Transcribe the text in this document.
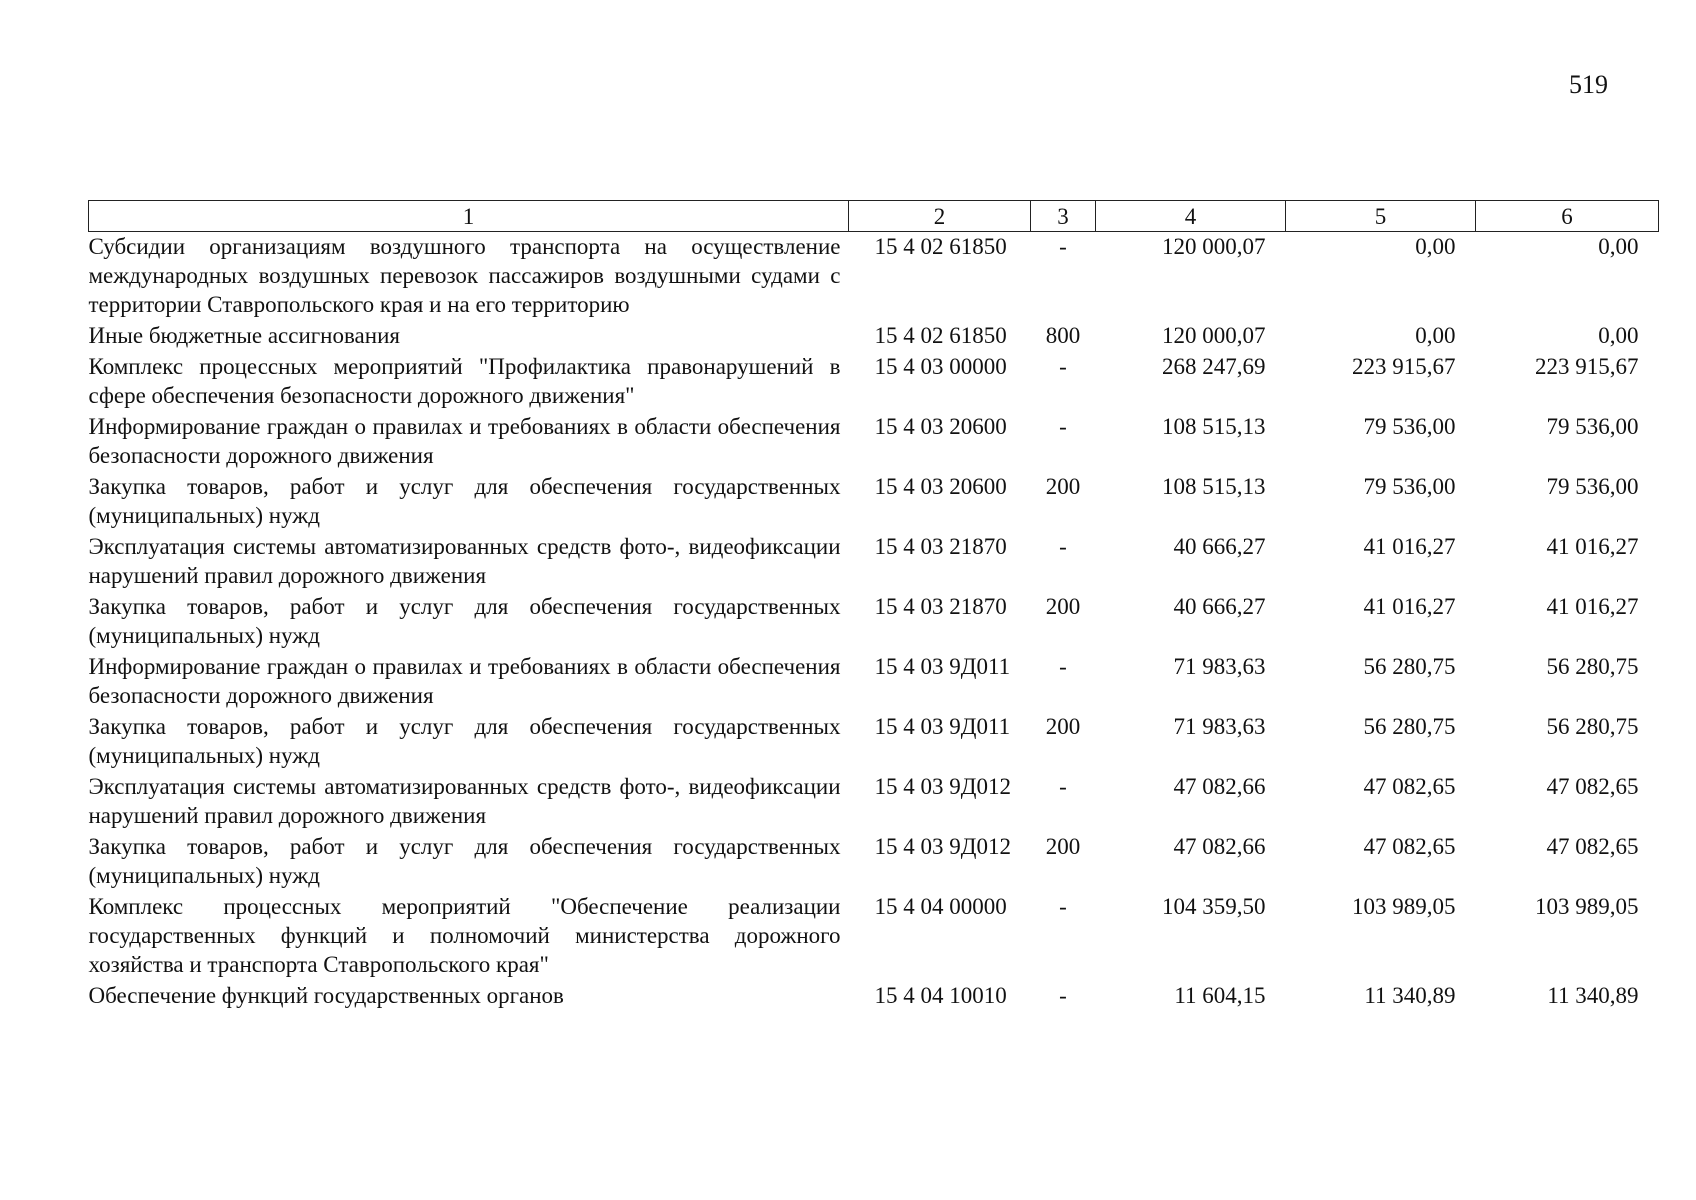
519
1	2	3	4	5	6
Субсидии организациям воздушного транспорта на осуществление международных воздушных перевозок пассажиров воздушными судами с территории Ставропольского края и на его территорию	15 4 02 61850	-	120 000,07	0,00	0,00
Иные бюджетные ассигнования	15 4 02 61850	800	120 000,07	0,00	0,00
Комплекс процессных мероприятий "Профилактика правонарушений в сфере обеспечения безопасности дорожного движения"	15 4 03 00000	-	268 247,69	223 915,67	223 915,67
Информирование граждан о правилах и требованиях в области обеспечения безопасности дорожного движения	15 4 03 20600	-	108 515,13	79 536,00	79 536,00
Закупка товаров, работ и услуг для обеспечения государственных (муниципальных) нужд	15 4 03 20600	200	108 515,13	79 536,00	79 536,00
Эксплуатация системы автоматизированных средств фото-, видеофиксации нарушений правил дорожного движения	15 4 03 21870	-	40 666,27	41 016,27	41 016,27
Закупка товаров, работ и услуг для обеспечения государственных (муниципальных) нужд	15 4 03 21870	200	40 666,27	41 016,27	41 016,27
Информирование граждан о правилах и требованиях в области обеспечения безопасности дорожного движения	15 4 03 9Д011	-	71 983,63	56 280,75	56 280,75
Закупка товаров, работ и услуг для обеспечения государственных (муниципальных) нужд	15 4 03 9Д011	200	71 983,63	56 280,75	56 280,75
Эксплуатация системы автоматизированных средств фото-, видеофиксации нарушений правил дорожного движения	15 4 03 9Д012	-	47 082,66	47 082,65	47 082,65
Закупка товаров, работ и услуг для обеспечения государственных (муниципальных) нужд	15 4 03 9Д012	200	47 082,66	47 082,65	47 082,65
Комплекс процессных мероприятий "Обеспечение реализации государственных функций и полномочий министерства дорожного хозяйства и транспорта Ставропольского края"	15 4 04 00000	-	104 359,50	103 989,05	103 989,05
Обеспечение функций государственных органов	15 4 04 10010	-	11 604,15	11 340,89	11 340,89
